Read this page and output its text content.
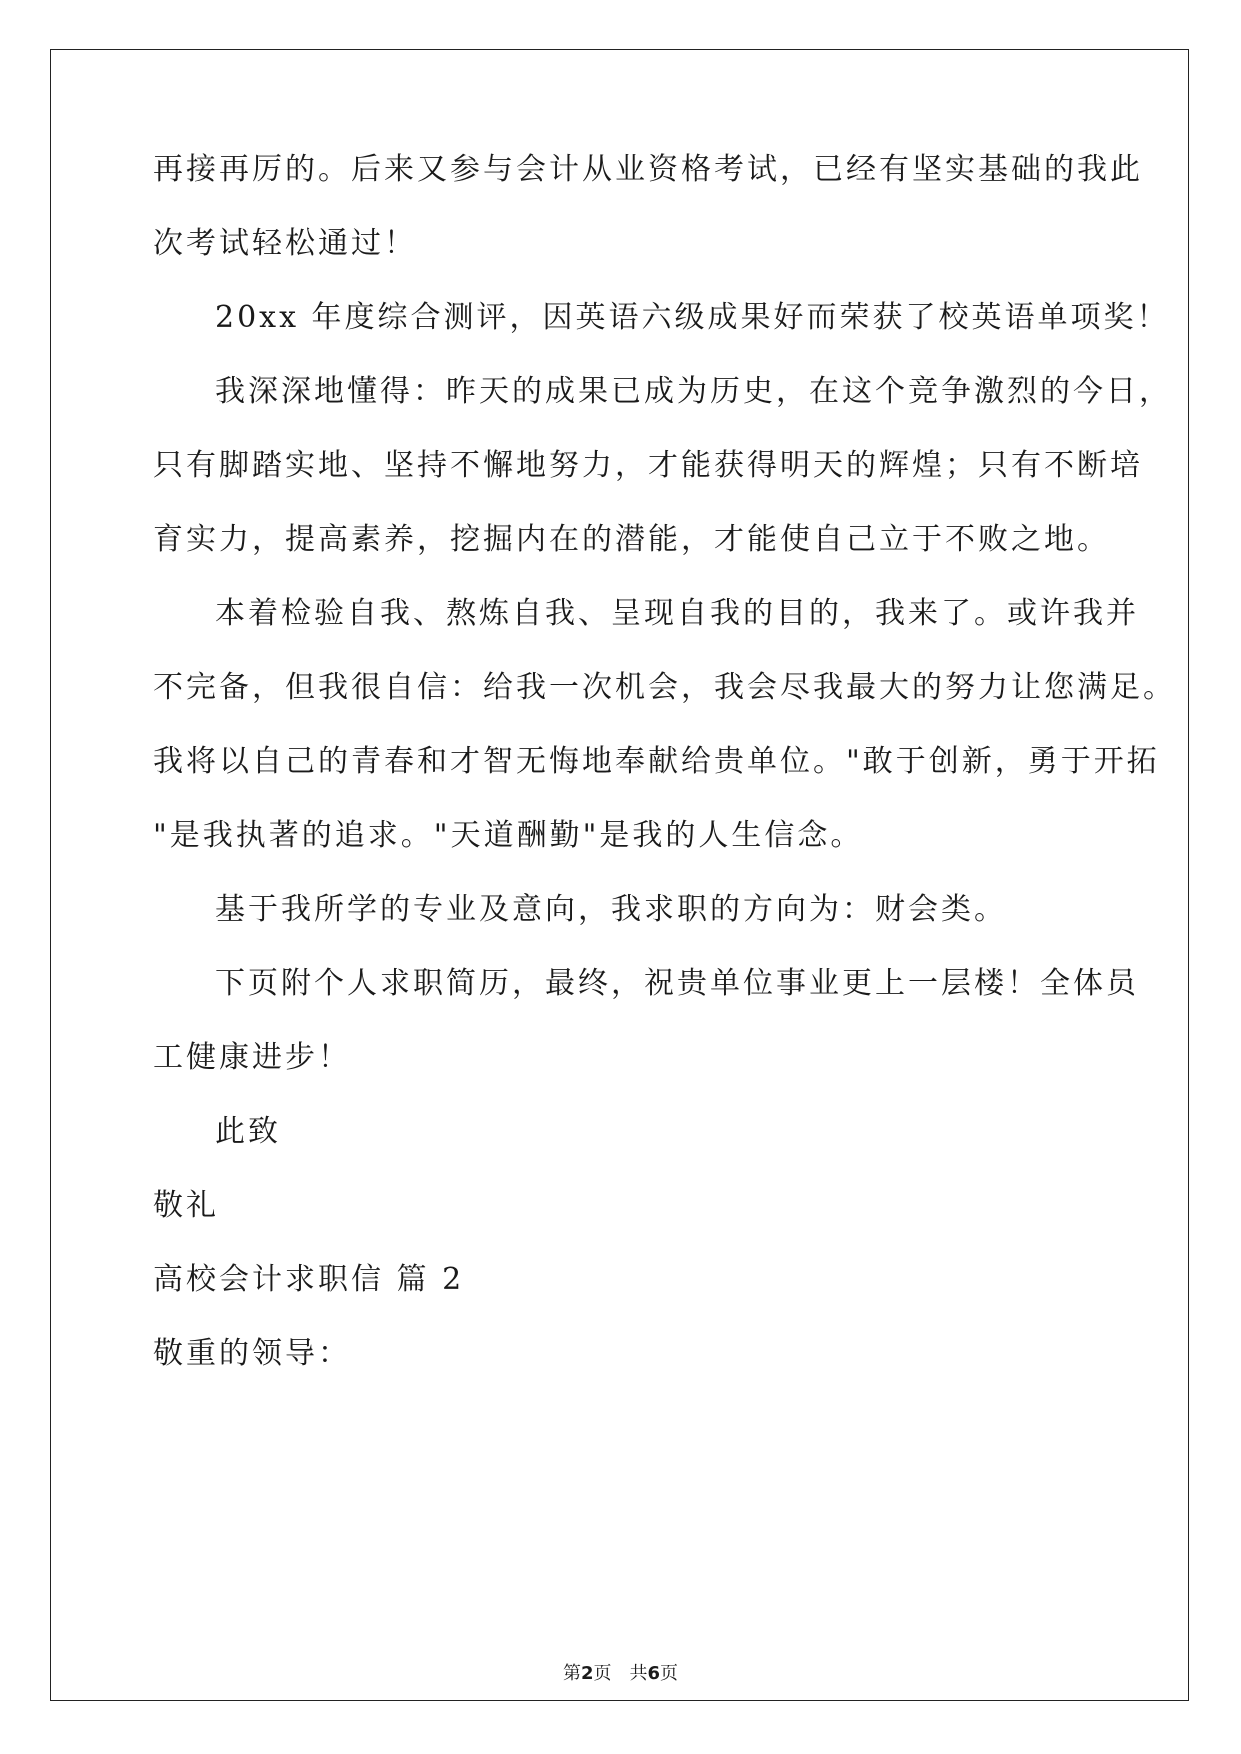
再接再厉的。后来又参与会计从业资格考试，已经有坚实基础的我此
次考试轻松通过！
20xx 年度综合测评，因英语六级成果好而荣获了校英语单项奖！
我深深地懂得：昨天的成果已成为历史，在这个竞争激烈的今日，
只有脚踏实地、坚持不懈地努力，才能获得明天的辉煌；只有不断培
育实力，提高素养，挖掘内在的潜能，才能使自己立于不败之地。
本着检验自我、熬炼自我、呈现自我的目的，我来了。或许我并
不完备，但我很自信：给我一次机会，我会尽我最大的努力让您满足。
我将以自己的青春和才智无悔地奉献给贵单位。"敢于创新，勇于开拓
"是我执著的追求。"天道酬勤"是我的人生信念。
基于我所学的专业及意向，我求职的方向为：财会类。
下页附个人求职简历，最终，祝贵单位事业更上一层楼！全体员
工健康进步！
此致
敬礼
高校会计求职信 篇 2
敬重的领导：
第2页　共6页
